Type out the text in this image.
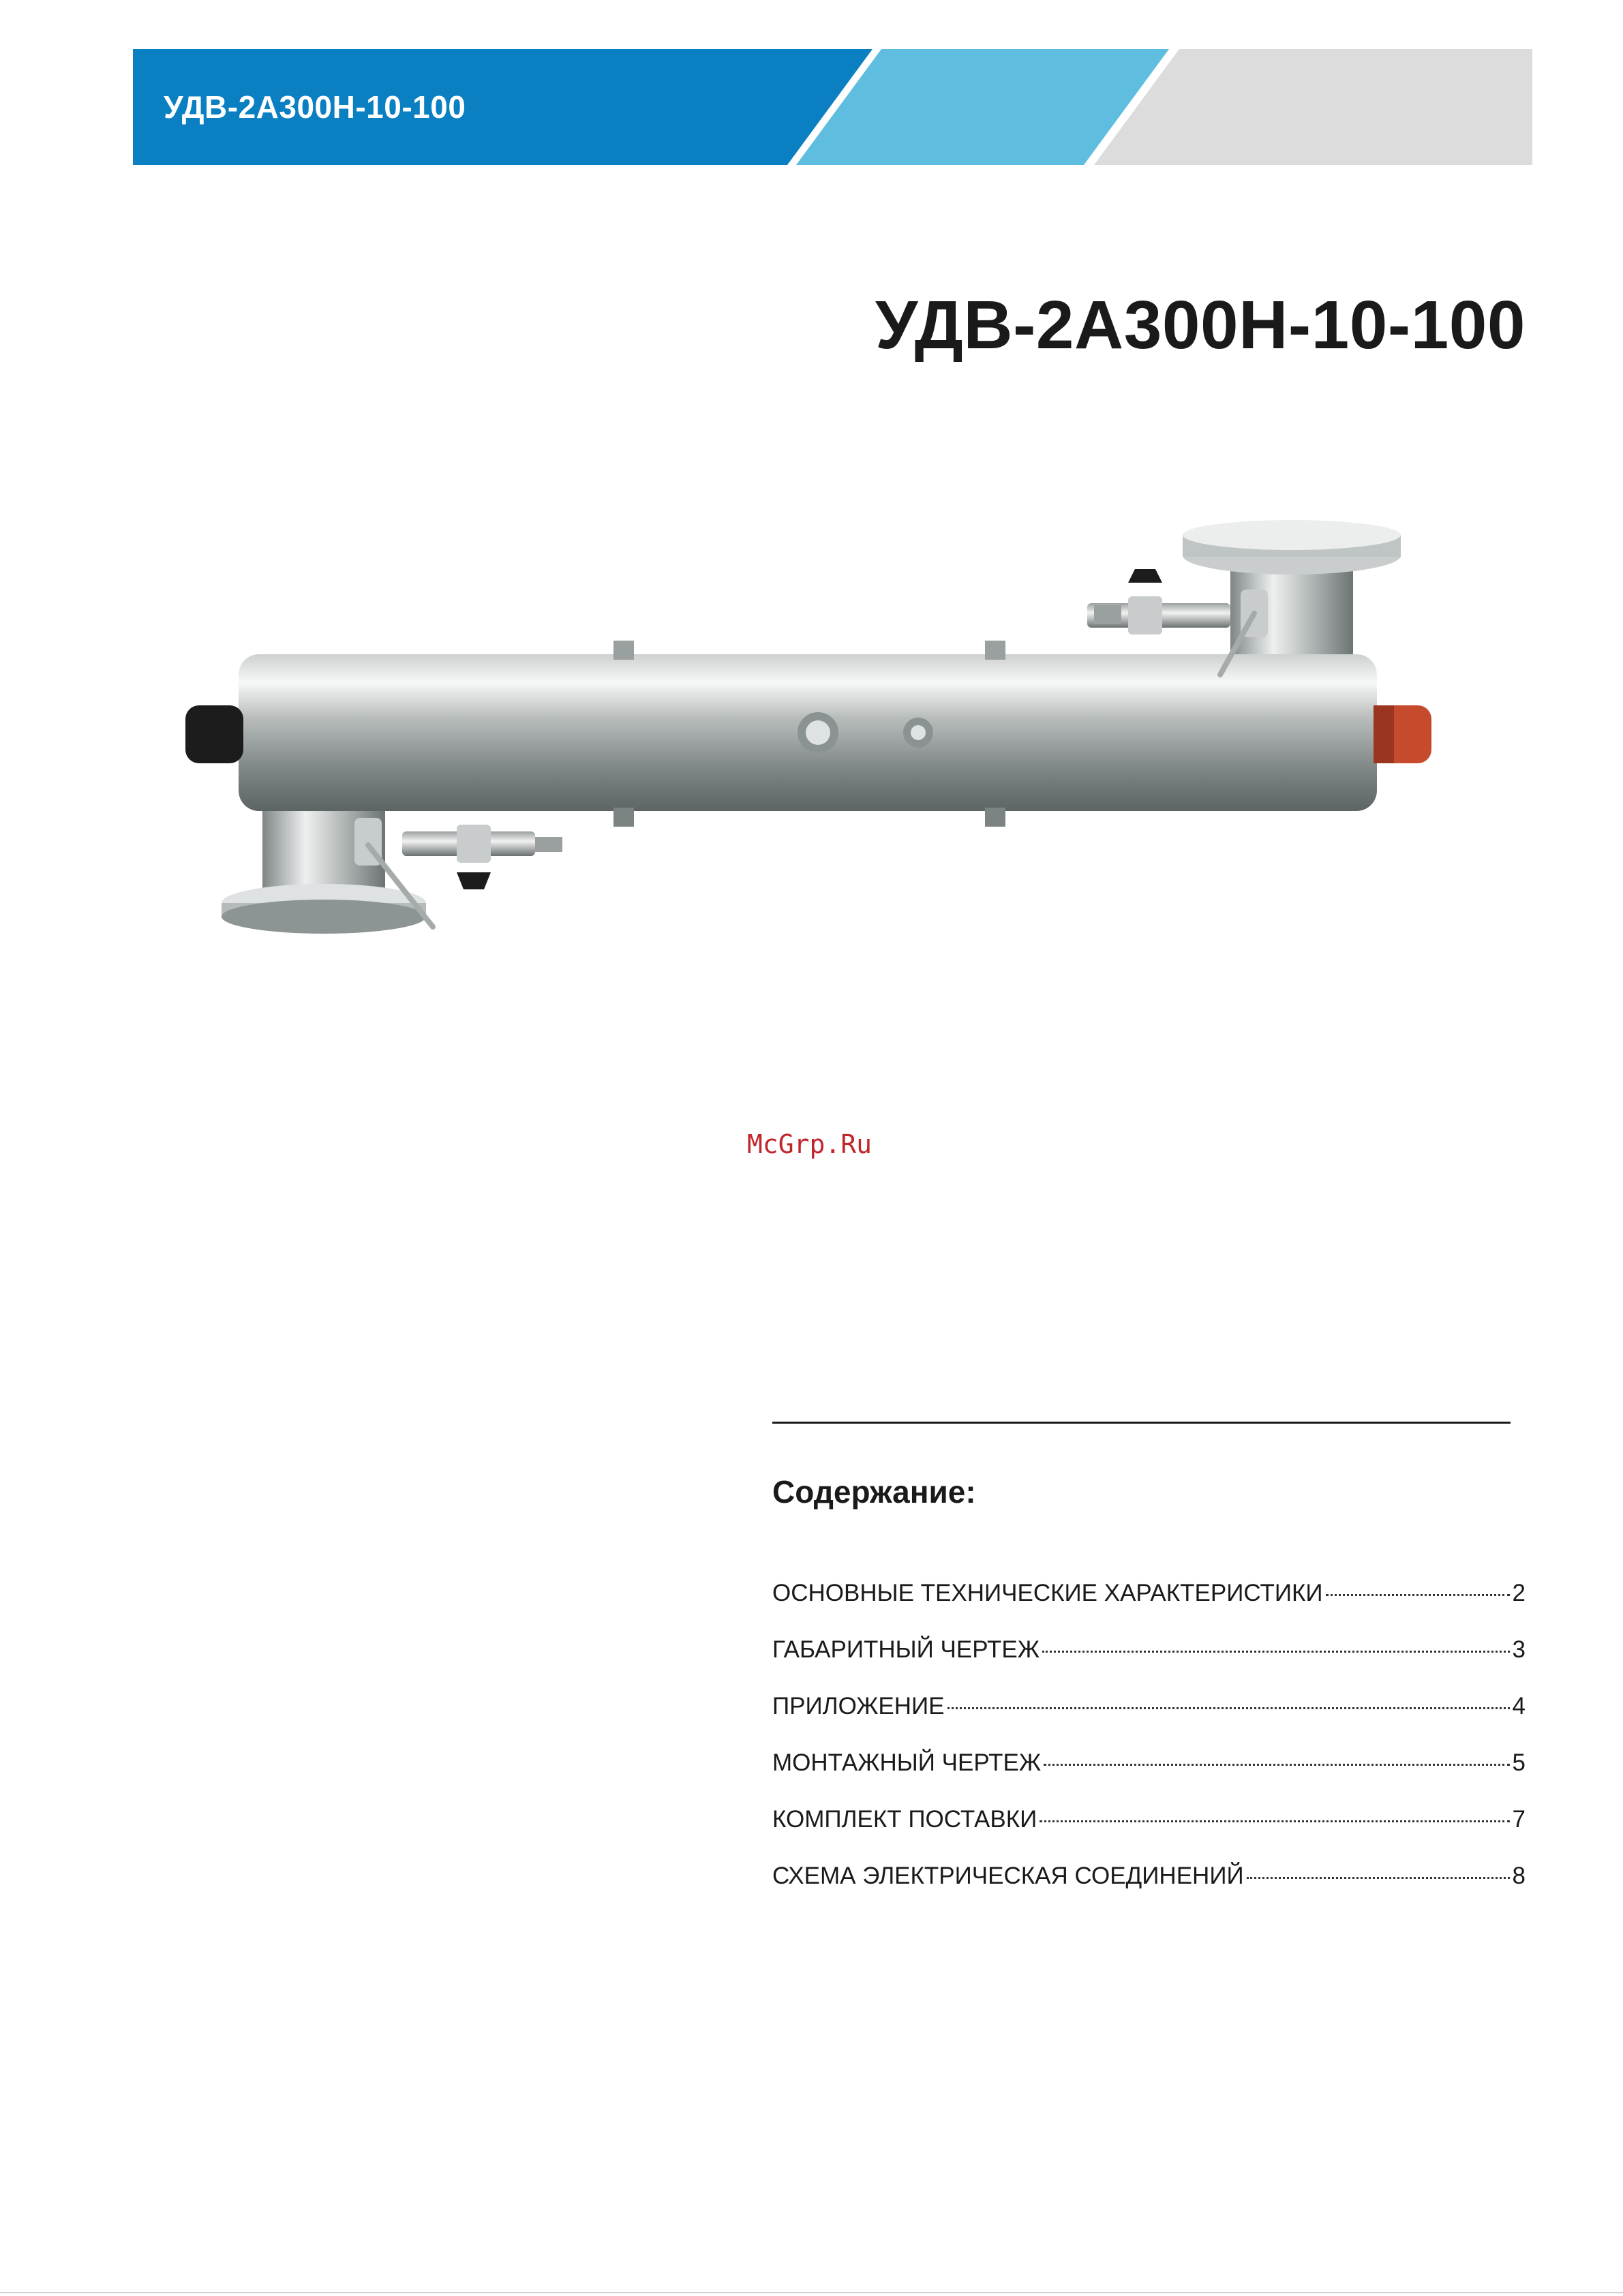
УДВ-2А300Н-10-100
УДВ-2А300Н-10-100
McGrp.Ru
Содержание:
ОСНОВНЫЕ ТЕХНИЧЕСКИЕ ХАРАКТЕРИСТИКИ	2
ГАБАРИТНЫЙ ЧЕРТЕЖ	3
ПРИЛОЖЕНИЕ	4
МОНТАЖНЫЙ ЧЕРТЕЖ	5
КОМПЛЕКТ ПОСТАВКИ	7
СХЕМА ЭЛЕКТРИЧЕСКАЯ СОЕДИНЕНИЙ	8
